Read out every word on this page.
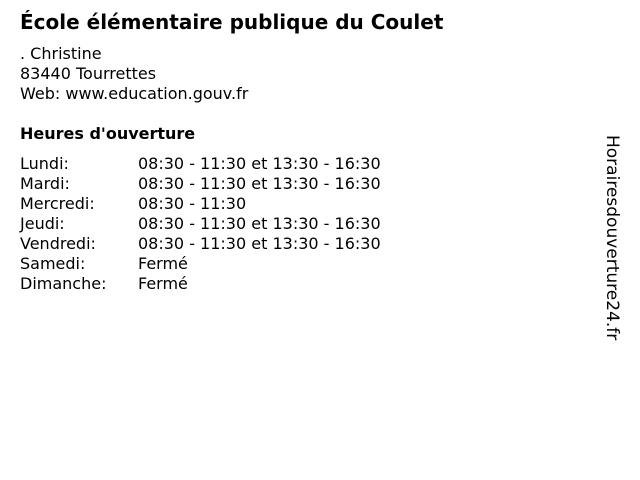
École élémentaire publique du Coulet
. Christine
83440 Tourrettes
Web: www.education.gouv.fr
Heures d'ouverture
Lundi:	08:30 - 11:30 et 13:30 - 16:30
Mardi:	08:30 - 11:30 et 13:30 - 16:30
Mercredi:	08:30 - 11:30
Jeudi:	08:30 - 11:30 et 13:30 - 16:30
Vendredi:	08:30 - 11:30 et 13:30 - 16:30
Samedi:	Fermé
Dimanche:	Fermé	Horairesdouverture24.fr
